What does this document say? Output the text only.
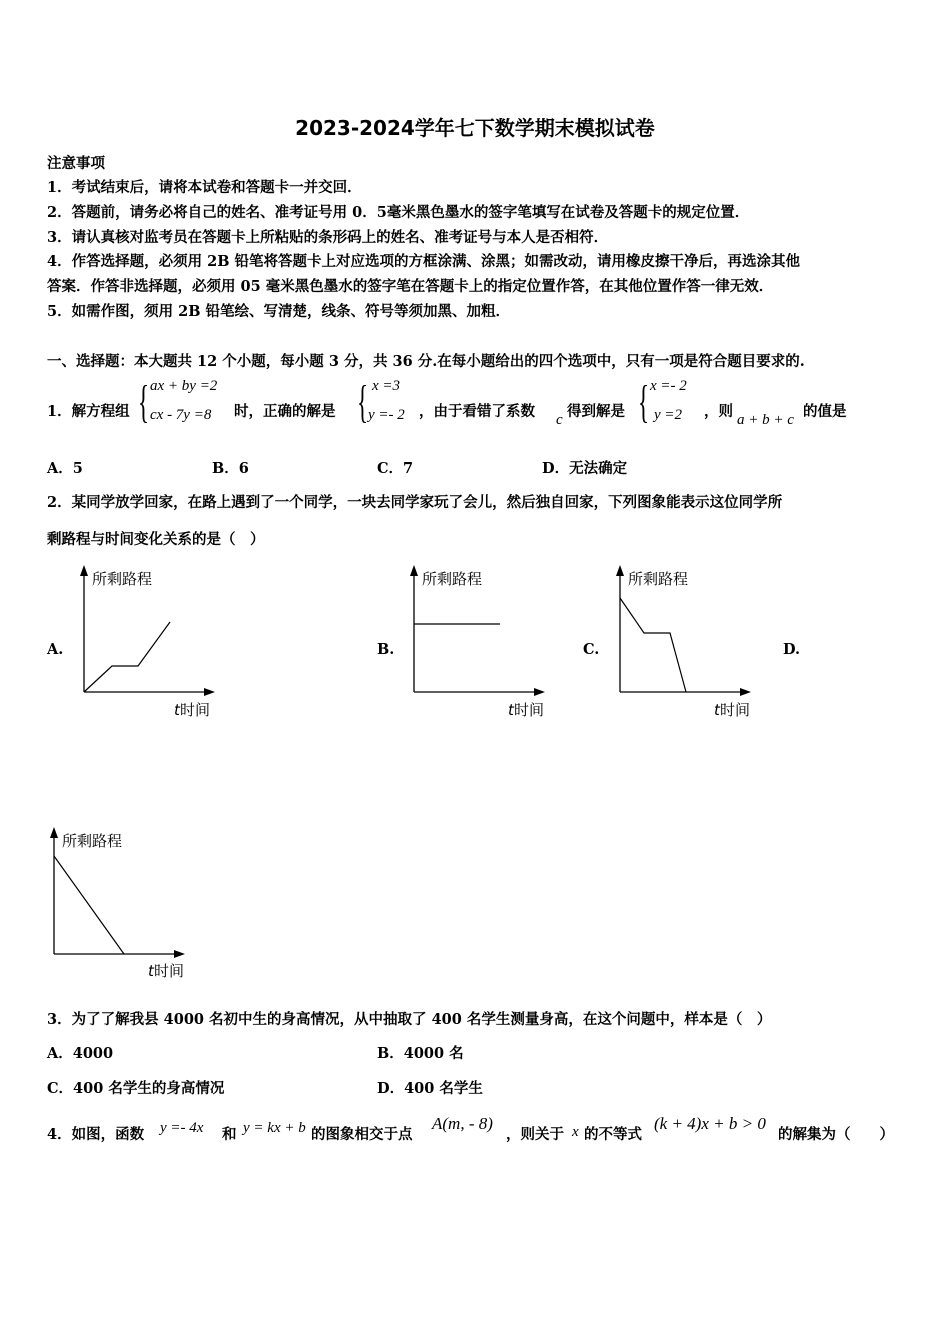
2023-2024学年七下数学期末模拟试卷
注意事项
1．考试结束后，请将本试卷和答题卡一并交回．
2．答题前，请务必将自己的姓名、准考证号用 0．5毫米黑色墨水的签字笔填写在试卷及答题卡的规定位置．
3．请认真核对监考员在答题卡上所粘贴的条形码上的姓名、准考证号与本人是否相符．
4．作答选择题，必须用 2B 铅笔将答题卡上对应选项的方框涂满、涂黑；如需改动，请用橡皮擦干净后，再选涂其他
答案．作答非选择题，必须用 05 毫米黑色墨水的签字笔在答题卡上的指定位置作答，在其他位置作答一律无效．
5．如需作图，须用 2B 铅笔绘、写清楚，线条、符号等须加黑、加粗．
一、选择题：本大题共 12 个小题，每小题 3 分，共 36 分.在每小题给出的四个选项中，只有一项是符合题目要求的.
1．解方程组 { ax + by =2
cx - 7y =8 时，正确的解是 { x =3
y =- 2 ，由于看错了系数 c 得到解是 { x =- 2
y =2 ，则 a + b + c 的值是
A．5	B．6	C．7	D．无法确定
2．某同学放学回家，在路上遇到了一个同学，一块去同学家玩了会儿，然后独自回家，下列图象能表示这位同学所
剩路程与时间变化关系的是（　）
A.	B.	C.	D.
所剩路程
t 时间
所剩路程
t 时间
所剩路程
t 时间
所剩路程
t 时间
3．为了了解我县 4000 名初中生的身高情况，从中抽取了 400 名学生测量身高，在这个问题中，样本是（　）
A．4000	B．4000 名
C．400 名学生的身高情况	D．400 名学生
4．如图，函数 y =- 4x 和 y = kx + b 的图象相交于点
A(m, - 8)
，则关于 x 的不等式
(k + 4)x + b > 0
的解集为（　　）
